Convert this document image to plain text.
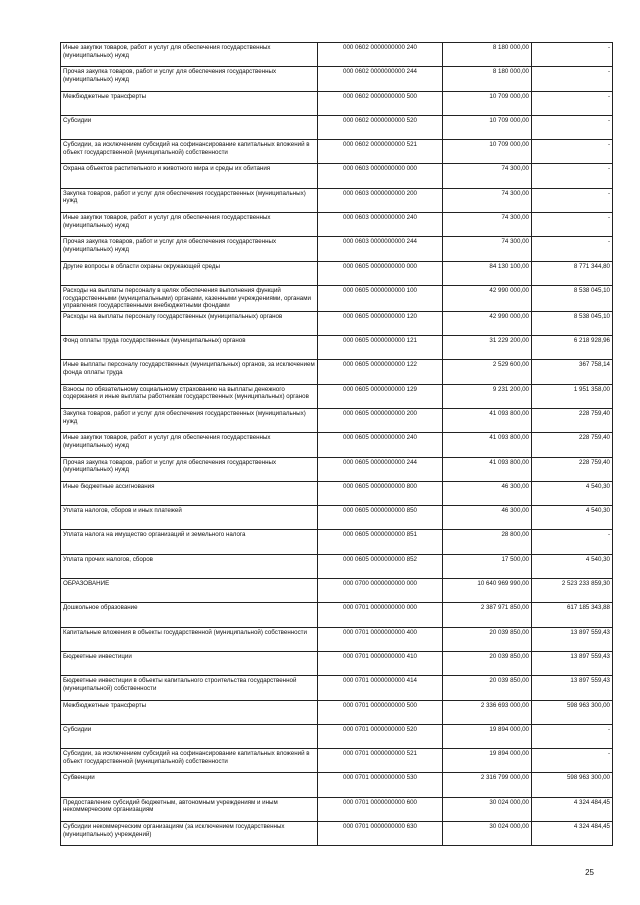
Иные закупки товаров, работ и услуг для обеспечения государственных (муниципальных) нужд	000 0602 0000000000 240	8 180 000,00	-
Прочая закупка товаров, работ и услуг для обеспечения государственных (муниципальных) нужд	000 0602 0000000000 244	8 180 000,00	-
Межбюджетные трансферты	000 0602 0000000000 500	10 709 000,00	-
Субсидии	000 0602 0000000000 520	10 709 000,00	-
Субсидии, за исключением субсидий на софинансирование капитальных вложений в объект государственной (муниципальной) собственности	000 0602 0000000000 521	10 709 000,00	-
Охрана объектов растительного и животного мира и среды их обитания	000 0603 0000000000 000	74 300,00	-
Закупка товаров, работ и услуг для обеспечения государственных (муниципальных) нужд	000 0603 0000000000 200	74 300,00	-
Иные закупки товаров, работ и услуг для обеспечения государственных (муниципальных) нужд	000 0603 0000000000 240	74 300,00	-
Прочая закупка товаров, работ и услуг для обеспечения государственных (муниципальных) нужд	000 0603 0000000000 244	74 300,00	-
Другие вопросы в области охраны окружающей среды	000 0605 0000000000 000	84 130 100,00	8 771 344,80
Расходы на выплаты персоналу в целях обеспечения выполнения функций государственными (муниципальными) органами, казенными учреждениями, органами управления государственными внебюджетными фондами	000 0605 0000000000 100	42 990 000,00	8 538 045,10
Расходы на выплаты персоналу государственных (муниципальных) органов	000 0605 0000000000 120	42 990 000,00	8 538 045,10
Фонд оплаты труда государственных (муниципальных) органов	000 0605 0000000000 121	31 229 200,00	6 218 928,96
Иные выплаты персоналу государственных (муниципальных) органов, за исключением фонда оплаты труда	000 0605 0000000000 122	2 529 600,00	367 758,14
Взносы по обязательному социальному страхованию на выплаты денежного содержания и иные выплаты работникам государственных (муниципальных) органов	000 0605 0000000000 129	9 231 200,00	1 951 358,00
Закупка товаров, работ и услуг для обеспечения государственных (муниципальных) нужд	000 0605 0000000000 200	41 093 800,00	228 759,40
Иные закупки товаров, работ и услуг для обеспечения государственных (муниципальных) нужд	000 0605 0000000000 240	41 093 800,00	228 759,40
Прочая закупка товаров, работ и услуг для обеспечения государственных (муниципальных) нужд	000 0605 0000000000 244	41 093 800,00	228 759,40
Иные бюджетные ассигнования	000 0605 0000000000 800	46 300,00	4 540,30
Уплата налогов, сборов и иных платежей	000 0605 0000000000 850	46 300,00	4 540,30
Уплата налога на имущество организаций и земельного налога	000 0605 0000000000 851	28 800,00	-
Уплата прочих налогов, сборов	000 0605 0000000000 852	17 500,00	4 540,30
ОБРАЗОВАНИЕ	000 0700 0000000000 000	10 640 969 990,00	2 523 233 859,30
Дошкольное образование	000 0701 0000000000 000	2 387 971 850,00	617 185 343,88
Капитальные вложения в объекты государственной (муниципальной) собственности	000 0701 0000000000 400	20 039 850,00	13 897 559,43
Бюджетные инвестиции	000 0701 0000000000 410	20 039 850,00	13 897 559,43
Бюджетные инвестиции в объекты капитального строительства государственной (муниципальной) собственности	000 0701 0000000000 414	20 039 850,00	13 897 559,43
Межбюджетные трансферты	000 0701 0000000000 500	2 336 693 000,00	598 963 300,00
Субсидии	000 0701 0000000000 520	19 894 000,00	-
Субсидии, за исключением субсидий на софинансирование капитальных вложений в объект государственной (муниципальной) собственности	000 0701 0000000000 521	19 894 000,00	-
Субвенции	000 0701 0000000000 530	2 316 799 000,00	598 963 300,00
Предоставление субсидий бюджетным, автономным учреждениям и иным некоммерческим организациям	000 0701 0000000000 600	30 024 000,00	4 324 484,45
Субсидии некоммерческим организациям (за исключением государственных (муниципальных) учреждений)	000 0701 0000000000 630	30 024 000,00	4 324 484,45
25
